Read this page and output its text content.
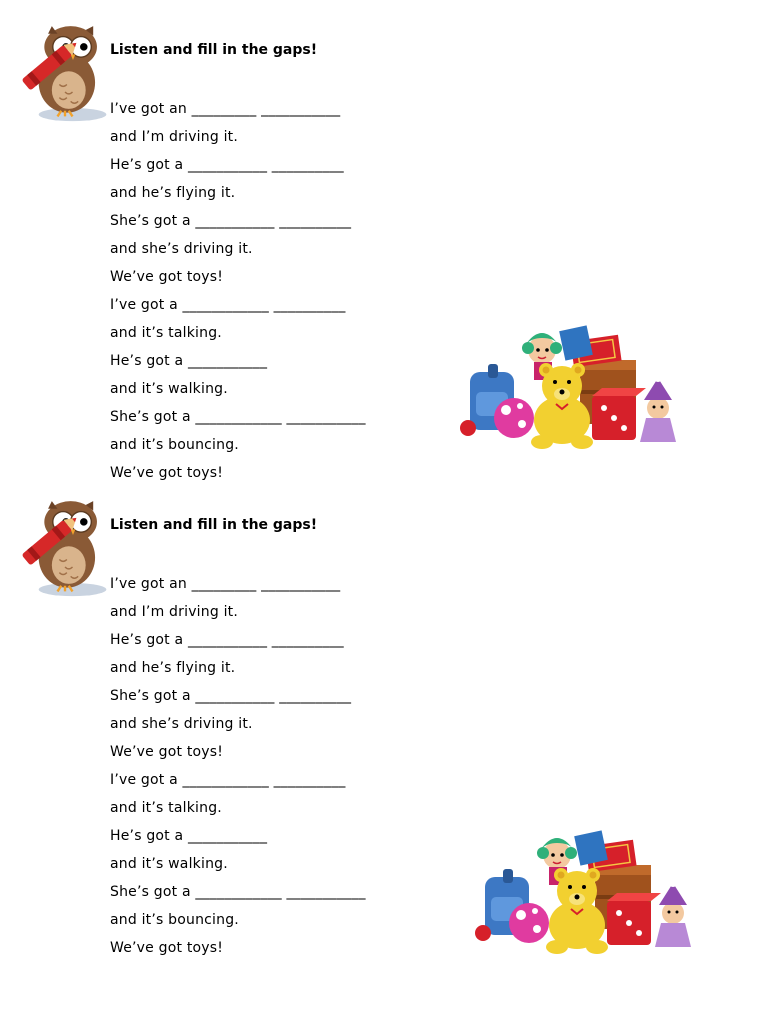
Listen and fill in the gaps!
I’ve got an _________ ___________
and I’m driving it.
He’s got a ___________ __________
and he’s flying it.
She’s got a ___________ __________
and she’s driving it.
We’ve got toys!
I’ve got a ____________ __________
and it’s talking.
He’s got a ___________
and it’s walking.
She’s got a ____________ ___________
and it’s bouncing.
We’ve got toys!
Listen and fill in the gaps!
I’ve got an _________ ___________
and I’m driving it.
He’s got a ___________ __________
and he’s flying it.
She’s got a ___________ __________
and she’s driving it.
We’ve got toys!
I’ve got a ____________ __________
and it’s talking.
He’s got a ___________
and it’s walking.
She’s got a ____________ ___________
and it’s bouncing.
We’ve got toys!
